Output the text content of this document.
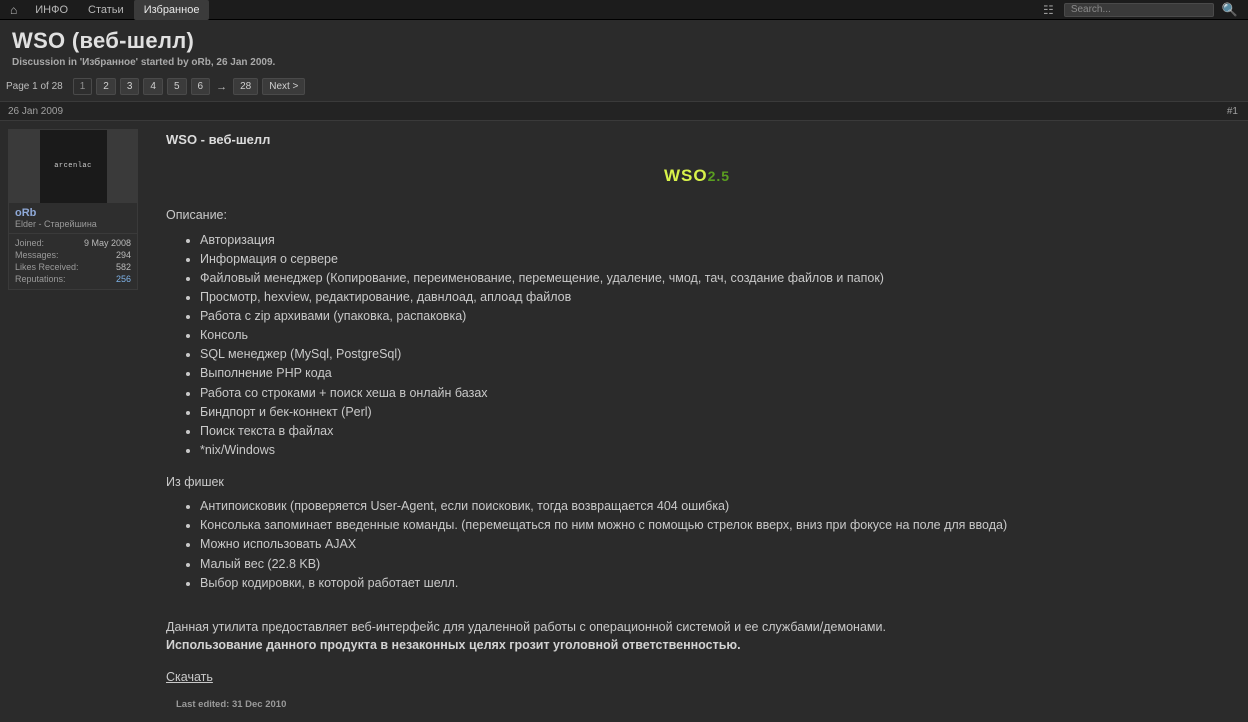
⌂	ИНФО	Статьи	Избранное	☷
Search...	🔍
WSO (веб-шелл)
Discussion in 'Избранное' started by oRb, 26 Jan 2009.
Page 1 of 28	1	2	3	4	5	6	→	28	Next >
26 Jan 2009	#1
arcenlac
oRb
Elder - Старейшина
Joined:	9 May 2008
Messages:	294
Likes Received:	582
Reputations:	256
WSO - веб-шелл
WSO2.5
Описание:
• Авторизация
• Информация о сервере
• Файловый менеджер (Копирование, переименование, перемещение, удаление, чмод, тач, создание файлов и папок)
• Просмотр, hexview, редактирование, давнлоад, аплоад файлов
• Работа с zip архивами (упаковка, распаковка)
• Консоль
• SQL менеджер (MySql, PostgreSql)
• Выполнение PHP кода
• Работа со строками + поиск хеша в онлайн базах
• Биндпорт и бек-коннект (Perl)
• Поиск текста в файлах
• *nix/Windows
Из фишек
• Антипоисковик (проверяется User-Agent, если поисковик, тогда возвращается 404 ошибка)
• Консолька запоминает введенные команды. (перемещаться по ним можно с помощью стрелок вверх, вниз при фокусе на поле для ввода)
• Можно использовать AJAX
• Малый вес (22.8 KB)
• Выбор кодировки, в которой работает шелл.

Данная утилита предоставляет веб-интерфейс для удаленной работы с операционной системой и ее службами/демонами.

Использование данного продукта в незаконных целях грозит уголовной ответственностью.

Скачать
Last edited: 31 Dec 2010
